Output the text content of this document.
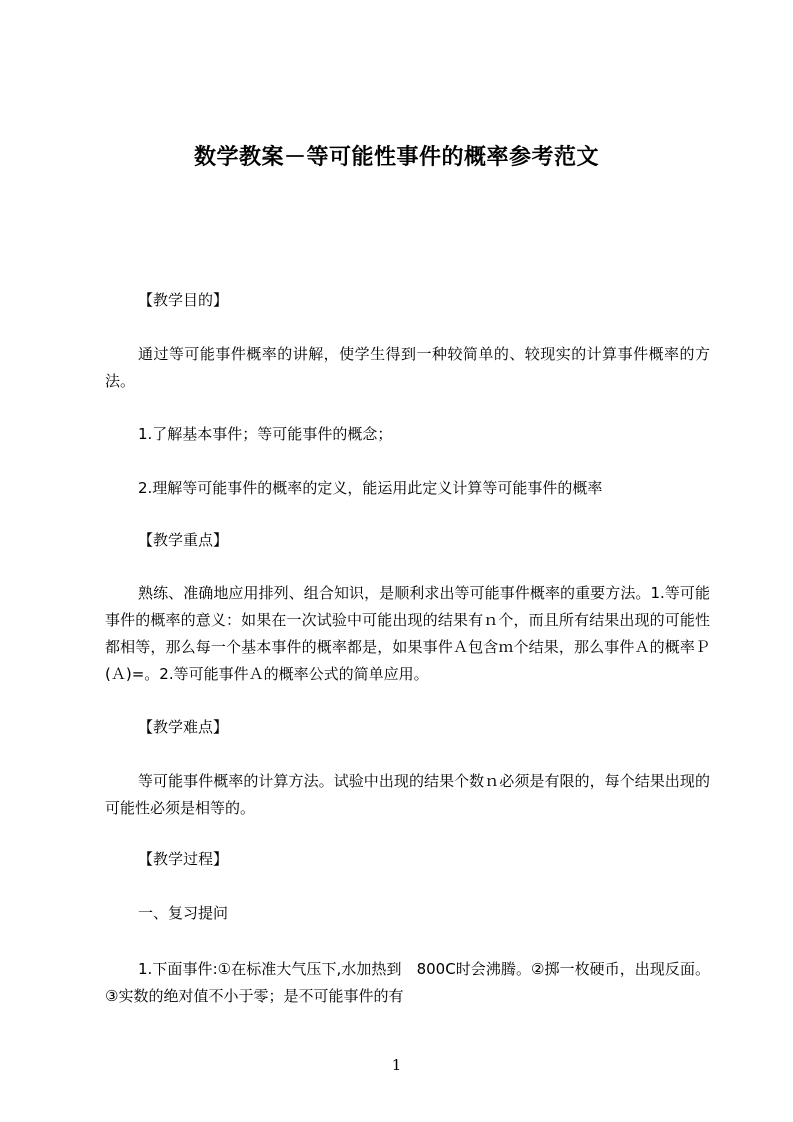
数学教案－等可能性事件的概率参考范文
【教学目的】

通过等可能事件概率的讲解，使学生得到一种较简单的、较现实的计算事件概率的方法。

1.了解基本事件；等可能事件的概念；
2.理解等可能事件的概率的定义，能运用此定义计算等可能事件的概率
【教学重点】

熟练、准确地应用排列、组合知识，是顺利求出等可能事件概率的重要方法。1.等可能事件的概率的意义：如果在一次试验中可能出现的结果有ｎ个，而且所有结果出现的可能性都相等，那么每一个基本事件的概率都是，如果事件Ａ包含ｍ个结果，那么事件Ａ的概率Ｐ(Ａ)=。2.等可能事件Ａ的概率公式的简单应用。

【教学难点】

等可能事件概率的计算方法。试验中出现的结果个数ｎ必须是有限的，每个结果出现的可能性必须是相等的。

【教学过程】
一、复习提问

1.下面事件:①在标准大气压下,水加热到　800C时会沸腾。②掷一枚硬币，出现反面。③实数的绝对值不小于零；是不可能事件的有

1
